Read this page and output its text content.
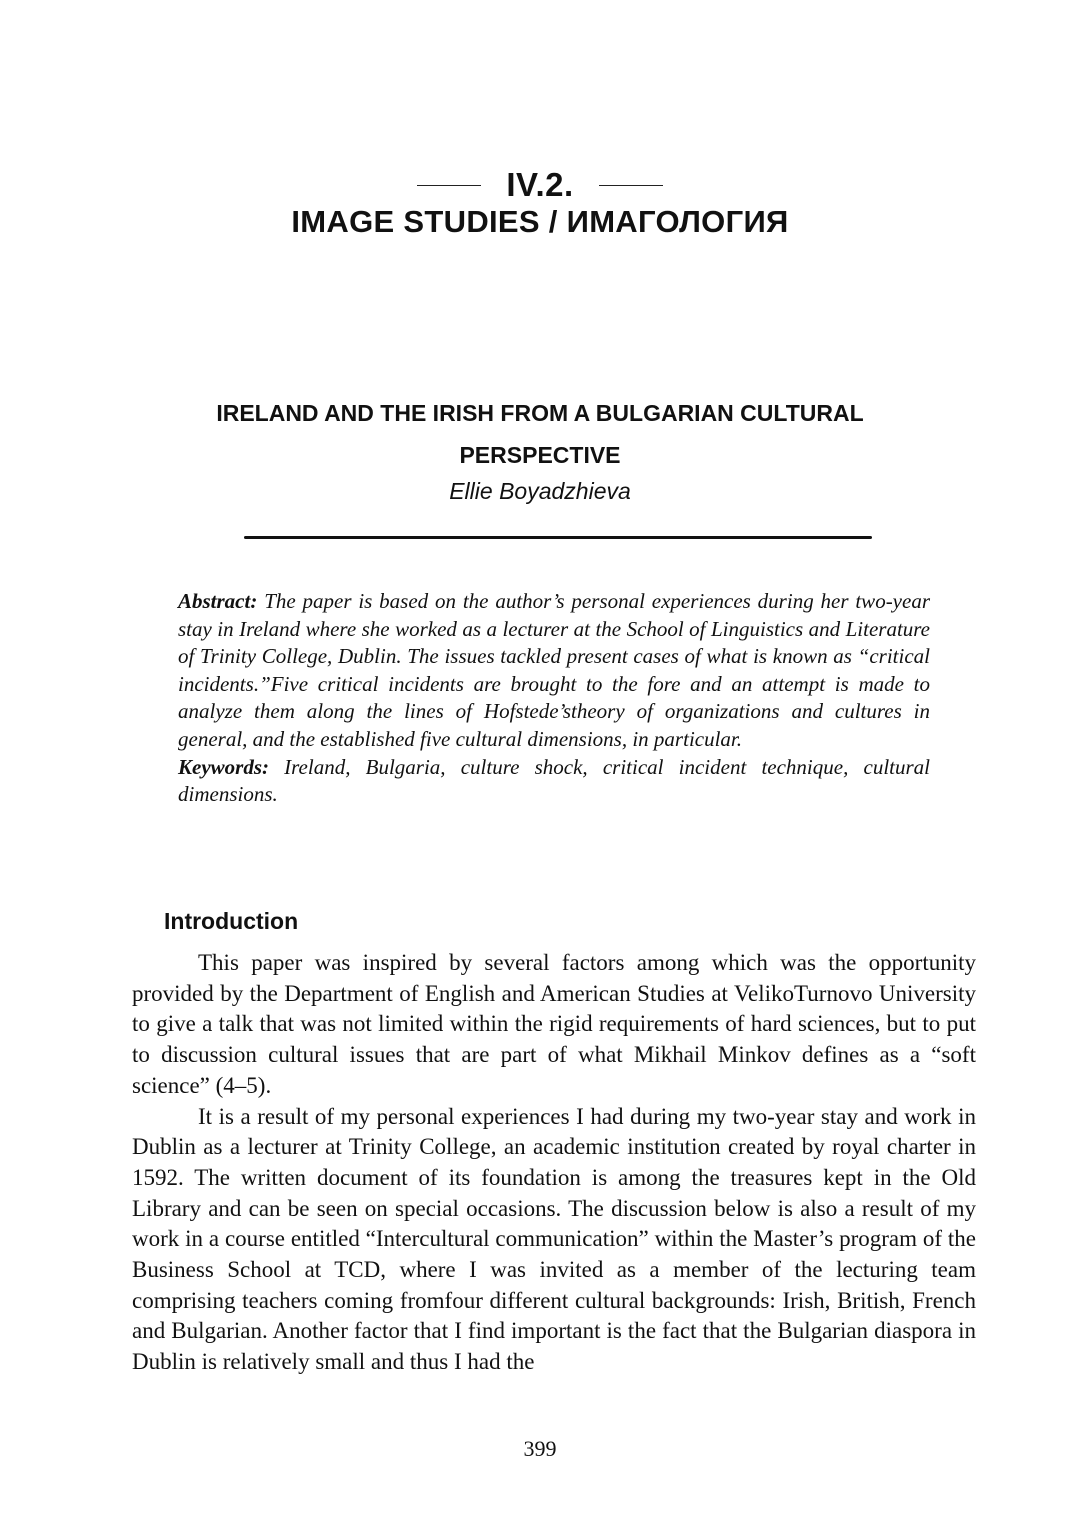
IV.2.
IMAGE STUDIES / ИМАГОЛОГИЯ
IRELAND AND THE IRISH FROM A BULGARIAN CULTURAL PERSPECTIVE
Ellie Boyadzhieva

Abstract: The paper is based on the author’s personal experiences during her two-year stay in Ireland where she worked as a lecturer at the School of Linguistics and Literature of Trinity College, Dublin. The issues tackled present cases of what is known as “critical incidents.”Five critical incidents are brought to the fore and an attempt is made to analyze them along the lines of Hofstede’stheory of organizations and cultures in general, and the established five cultural dimensions, in particular.

Keywords: Ireland, Bulgaria, culture shock, critical incident technique, cultural dimensions.

Introduction

This paper was inspired by several factors among which was the opportunity provided by the Department of English and American Studies at VelikoTurnovo University to give a talk that was not limited within the rigid requirements of hard sciences, but to put to discussion cultural issues that are part of what Mikhail Minkov defines as a “soft science” (4–5).

It is a result of my personal experiences I had during my two-year stay and work in Dublin as a lecturer at Trinity College, an academic institution created by royal charter in 1592. The written document of its foundation is among the treasures kept in the Old Library and can be seen on special occasions. The discussion below is also a result of my work in a course entitled “Intercultural communication” within the Master’s program of the Business School at TCD, where I was invited as a member of the lecturing team comprising teachers coming fromfour different cultural backgrounds: Irish, British, French and Bulgarian. Another factor that I find important is the fact that the Bulgarian diaspora in Dublin is relatively small and thus I had the

399
